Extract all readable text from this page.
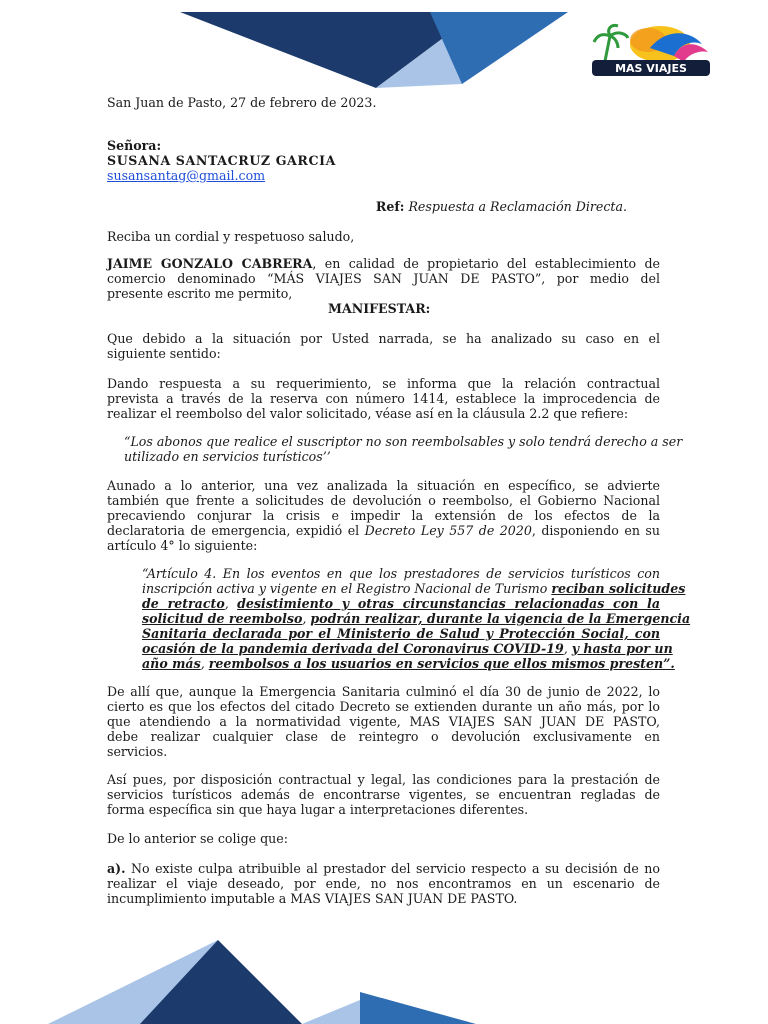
MAS VIAJES
San Juan de Pasto, 27 de febrero de 2023.
Señora:
SUSANA SANTACRUZ GARCIA
susansantag@gmail.com
Ref: Respuesta a Reclamación Directa.
Reciba un cordial y respetuoso saludo,
JAIME GONZALO CABRERA, en calidad de propietario del establecimiento de
comercio denominado “MÁS VIAJES SAN JUAN DE PASTO”, por medio del
presente escrito me permito,
MANIFESTAR:
Que debido a la situación por Usted narrada, se ha analizado su caso en el
siguiente sentido:
Dando respuesta a su requerimiento, se informa que la relación contractual
prevista a través de la reserva con número 1414, establece la improcedencia de
realizar el reembolso del valor solicitado, véase así en la cláusula 2.2 que refiere:
“Los abonos que realice el suscriptor no son reembolsables y solo tendrá derecho a ser
utilizado en servicios turísticos’’
Aunado a lo anterior, una vez analizada la situación en específico, se advierte
también que frente a solicitudes de devolución o reembolso, el Gobierno Nacional
precaviendo conjurar la crisis e impedir la extensión de los efectos de la
declaratoria de emergencia, expidió el Decreto Ley 557 de 2020, disponiendo en su
artículo 4° lo siguiente:
“Artículo 4. En los eventos en que los prestadores de servicios turísticos con
inscripción activa y vigente en el Registro Nacional de Turismo reciban solicitudes
de retracto, desistimiento y otras circunstancias relacionadas con la
solicitud de reembolso, podrán realizar, durante la vigencia de la Emergencia
Sanitaria declarada por el Ministerio de Salud y Protección Social, con
ocasión de la pandemia derivada del Coronavirus COVID-19, y hasta por un
año más, reembolsos a los usuarios en servicios que ellos mismos presten”.
De allí que, aunque la Emergencia Sanitaria culminó el día 30 de junio de 2022, lo
cierto es que los efectos del citado Decreto se extienden durante un año más, por lo
que atendiendo a la normatividad vigente, MAS VIAJES SAN JUAN DE PASTO,
debe realizar cualquier clase de reintegro o devolución exclusivamente en
servicios.
Así pues, por disposición contractual y legal, las condiciones para la prestación de
servicios turísticos además de encontrarse vigentes, se encuentran regladas de
forma específica sin que haya lugar a interpretaciones diferentes.
De lo anterior se colige que:
a). No existe culpa atribuible al prestador del servicio respecto a su decisión de no
realizar el viaje deseado, por ende, no nos encontramos en un escenario de
incumplimiento imputable a MAS VIAJES SAN JUAN DE PASTO.
